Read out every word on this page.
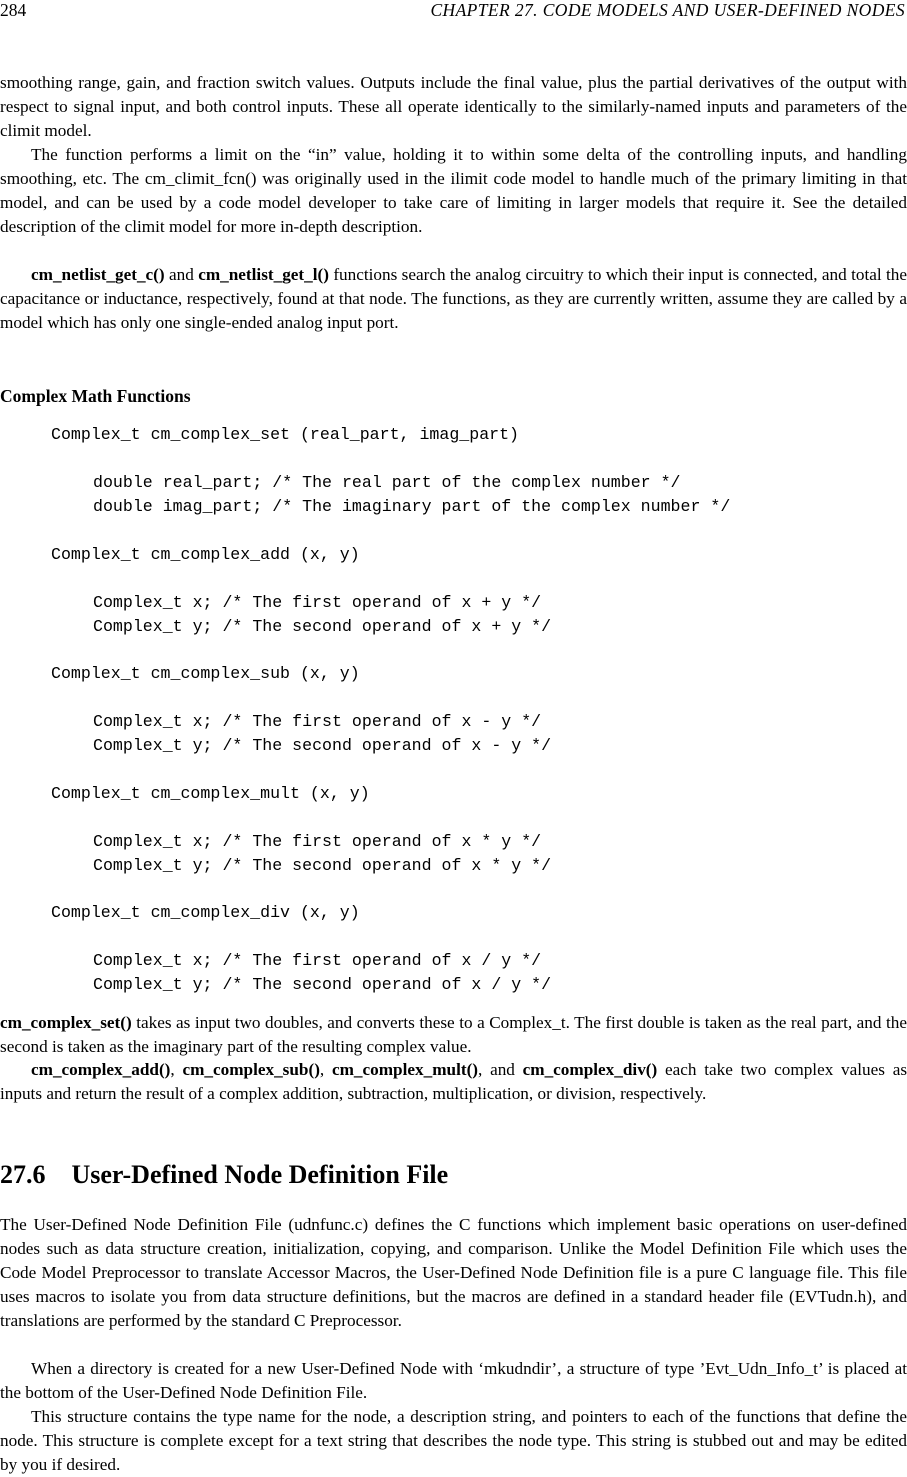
284	CHAPTER 27. CODE MODELS AND USER-DEFINED NODES

smoothing range, gain, and fraction switch values. Outputs include the final value, plus the partial derivatives of the output with respect to signal input, and both control inputs. These all operate identically to the similarly-named inputs and parameters of the climit model.

The function performs a limit on the “in” value, holding it to within some delta of the controlling inputs, and handling smoothing, etc. The cm_climit_fcn() was originally used in the ilimit code model to handle much of the primary limiting in that model, and can be used by a code model developer to take care of limiting in larger models that require it. See the detailed description of the climit model for more in-depth description.

cm_netlist_get_c() and cm_netlist_get_l() functions search the analog circuitry to which their input is connected, and total the capacitance or inductance, respectively, found at that node. The functions, as they are currently written, assume they are called by a model which has only one single-ended analog input port.

Complex Math Functions
Complex_t cm_complex_set (real_part, imag_part)
double real_part; /* The real part of the complex number */
double imag_part; /* The imaginary part of the complex number */
Complex_t cm_complex_add (x, y)
Complex_t x; /* The first operand of x + y */
Complex_t y; /* The second operand of x + y */
Complex_t cm_complex_sub (x, y)
Complex_t x; /* The first operand of x - y */
Complex_t y; /* The second operand of x - y */
Complex_t cm_complex_mult (x, y)
Complex_t x; /* The first operand of x * y */
Complex_t y; /* The second operand of x * y */
Complex_t cm_complex_div (x, y)
Complex_t x; /* The first operand of x / y */
Complex_t y; /* The second operand of x / y */

cm_complex_set() takes as input two doubles, and converts these to a Complex_t. The first double is taken as the real part, and the second is taken as the imaginary part of the resulting complex value.

cm_complex_add(), cm_complex_sub(), cm_complex_mult(), and cm_complex_div() each take two complex values as inputs and return the result of a complex addition, subtraction, multiplication, or division, respectively.

27.6 User-Defined Node Definition File

The User-Defined Node Definition File (udnfunc.c) defines the C functions which implement basic operations on user-defined nodes such as data structure creation, initialization, copying, and comparison. Unlike the Model Definition File which uses the Code Model Preprocessor to translate Accessor Macros, the User-Defined Node Definition file is a pure C language file. This file uses macros to isolate you from data structure definitions, but the macros are defined in a standard header file (EVTudn.h), and translations are performed by the standard C Preprocessor.

When a directory is created for a new User-Defined Node with ‘mkudndir’, a structure of type ’Evt_Udn_Info_t’ is placed at the bottom of the User-Defined Node Definition File.

This structure contains the type name for the node, a description string, and pointers to each of the functions that define the node. This structure is complete except for a text string that describes the node type. This string is stubbed out and may be edited by you if desired.
